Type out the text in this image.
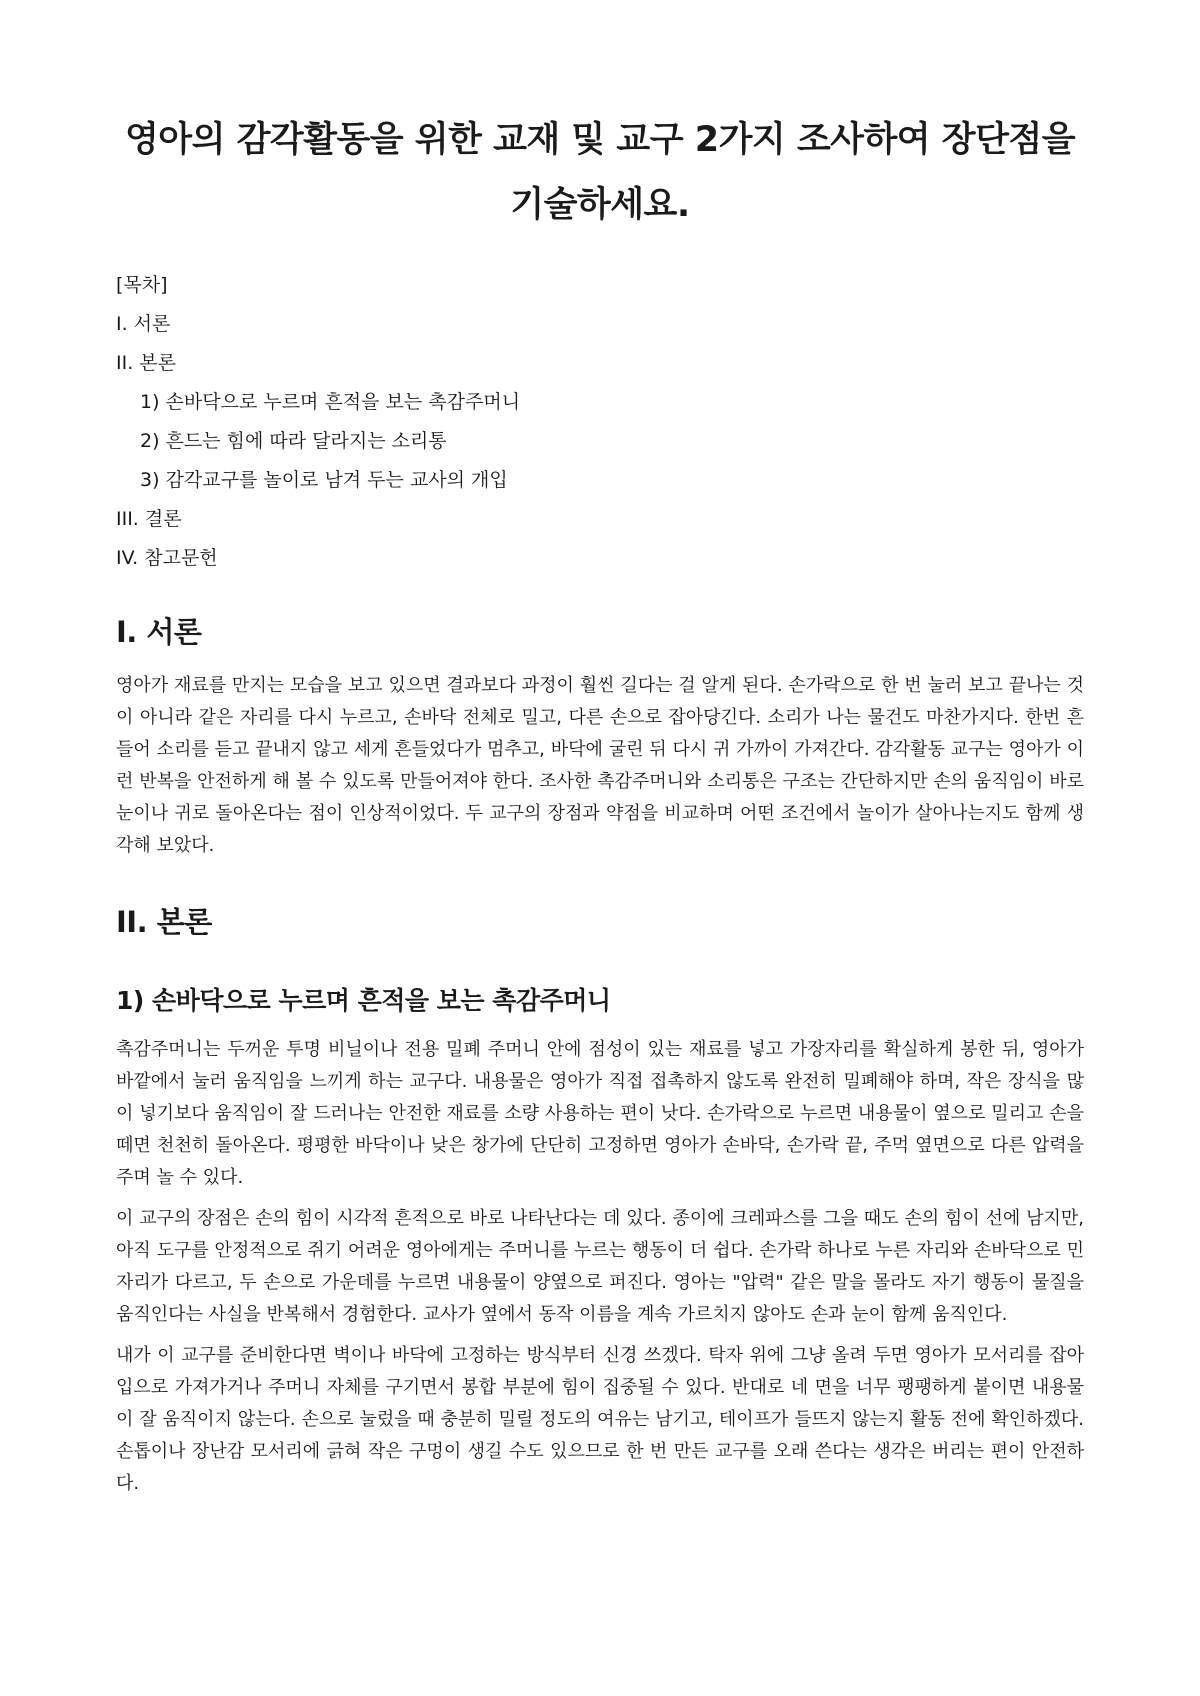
영아의 감각활동을 위한 교재 및 교구 2가지 조사하여 장단점을 기술하세요.
[목차]
I. 서론
II. 본론
1) 손바닥으로 누르며 흔적을 보는 촉감주머니
2) 흔드는 힘에 따라 달라지는 소리통
3) 감각교구를 놀이로 남겨 두는 교사의 개입
III. 결론
IV. 참고문헌
I. 서론

영아가 재료를 만지는 모습을 보고 있으면 결과보다 과정이 훨씬 길다는 걸 알게 된다. 손가락으로 한 번 눌러 보고 끝나는 것이 아니라 같은 자리를 다시 누르고, 손바닥 전체로 밀고, 다른 손으로 잡아당긴다. 소리가 나는 물건도 마찬가지다. 한번 흔들어 소리를 듣고 끝내지 않고 세게 흔들었다가 멈추고, 바닥에 굴린 뒤 다시 귀 가까이 가져간다. 감각활동 교구는 영아가 이런 반복을 안전하게 해 볼 수 있도록 만들어져야 한다. 조사한 촉감주머니와 소리통은 구조는 간단하지만 손의 움직임이 바로 눈이나 귀로 돌아온다는 점이 인상적이었다. 두 교구의 장점과 약점을 비교하며 어떤 조건에서 놀이가 살아나는지도 함께 생각해 보았다.

II. 본론
1) 손바닥으로 누르며 흔적을 보는 촉감주머니

촉감주머니는 두꺼운 투명 비닐이나 전용 밀폐 주머니 안에 점성이 있는 재료를 넣고 가장자리를 확실하게 봉한 뒤, 영아가 바깥에서 눌러 움직임을 느끼게 하는 교구다. 내용물은 영아가 직접 접촉하지 않도록 완전히 밀폐해야 하며, 작은 장식을 많이 넣기보다 움직임이 잘 드러나는 안전한 재료를 소량 사용하는 편이 낫다. 손가락으로 누르면 내용물이 옆으로 밀리고 손을 떼면 천천히 돌아온다. 평평한 바닥이나 낮은 창가에 단단히 고정하면 영아가 손바닥, 손가락 끝, 주먹 옆면으로 다른 압력을 주며 놀 수 있다.

이 교구의 장점은 손의 힘이 시각적 흔적으로 바로 나타난다는 데 있다. 종이에 크레파스를 그을 때도 손의 힘이 선에 남지만, 아직 도구를 안정적으로 쥐기 어려운 영아에게는 주머니를 누르는 행동이 더 쉽다. 손가락 하나로 누른 자리와 손바닥으로 민 자리가 다르고, 두 손으로 가운데를 누르면 내용물이 양옆으로 퍼진다. 영아는 "압력" 같은 말을 몰라도 자기 행동이 물질을 움직인다는 사실을 반복해서 경험한다. 교사가 옆에서 동작 이름을 계속 가르치지 않아도 손과 눈이 함께 움직인다.

내가 이 교구를 준비한다면 벽이나 바닥에 고정하는 방식부터 신경 쓰겠다. 탁자 위에 그냥 올려 두면 영아가 모서리를 잡아 입으로 가져가거나 주머니 자체를 구기면서 봉합 부분에 힘이 집중될 수 있다. 반대로 네 면을 너무 팽팽하게 붙이면 내용물이 잘 움직이지 않는다. 손으로 눌렀을 때 충분히 밀릴 정도의 여유는 남기고, 테이프가 들뜨지 않는지 활동 전에 확인하겠다. 손톱이나 장난감 모서리에 긁혀 작은 구멍이 생길 수도 있으므로 한 번 만든 교구를 오래 쓴다는 생각은 버리는 편이 안전하다.
